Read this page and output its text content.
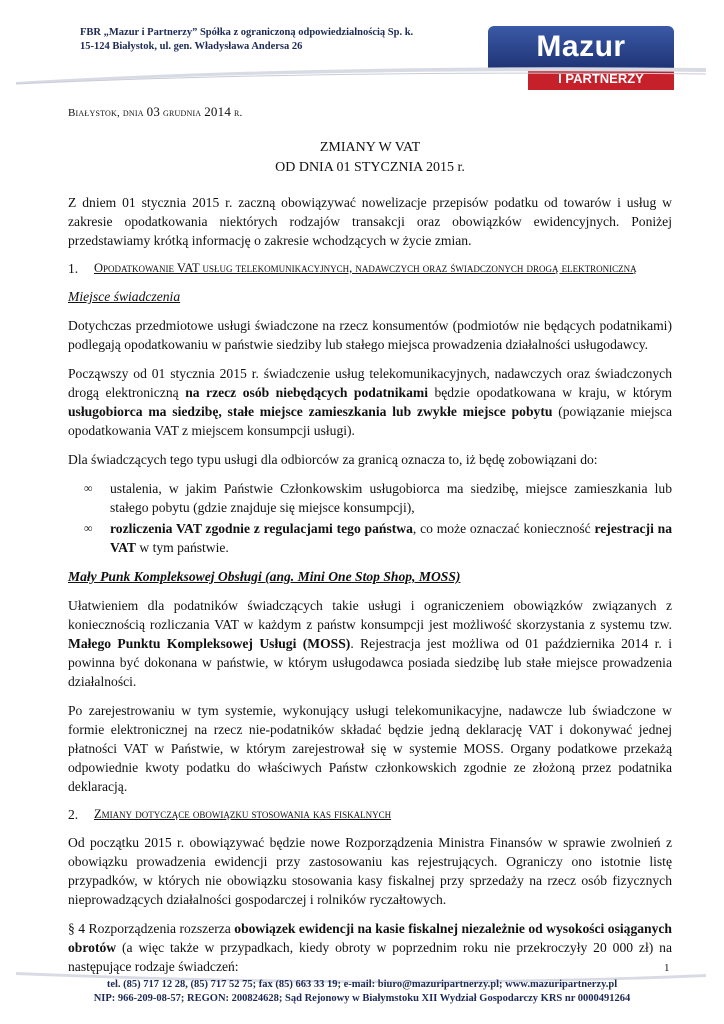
FBR „Mazur i Partnerzy” Spółka z ograniczoną odpowiedzialnością Sp. k.
15-124 Białystok, ul. gen. Władysława Andersa 26	Mazur
I PARTNERZY
Białystok, dnia 03 grudnia 2014 r.
ZMIANY W VAT
OD DNIA 01 STYCZNIA 2015 r.

Z dniem 01 stycznia 2015 r. zaczną obowiązywać nowelizacje przepisów podatku od towarów i usług w zakresie opodatkowania niektórych rodzajów transakcji oraz obowiązków ewidencyjnych. Poniżej przedstawiamy krótką informację o zakresie wchodzących w życie zmian.

1.	Opodatkowanie VAT usług telekomunikacyjnych, nadawczych oraz świadczonych drogą elektroniczną
Miejsce świadczenia

Dotychczas przedmiotowe usługi świadczone na rzecz konsumentów (podmiotów nie będących podatnikami) podlegają opodatkowaniu w państwie siedziby lub stałego miejsca prowadzenia działalności usługodawcy.

Począwszy od 01 stycznia 2015 r. świadczenie usług telekomunikacyjnych, nadawczych oraz świadczonych drogą elektroniczną na rzecz osób niebędących podatnikami będzie opodatkowana w kraju, w którym usługobiorca ma siedzibę, stałe miejsce zamieszkania lub zwykłe miejsce pobytu (powiązanie miejsca opodatkowania VAT z miejscem konsumpcji usługi).

Dla świadczących tego typu usługi dla odbiorców za granicą oznacza to, iż będę zobowiązani do:

∞ ustalenia, w jakim Państwie Członkowskim usługobiorca ma siedzibę, miejsce zamieszkania lub stałego pobytu (gdzie znajduje się miejsce konsumpcji),
∞ rozliczenia VAT zgodnie z regulacjami tego państwa, co może oznaczać konieczność rejestracji na VAT w tym państwie.
Mały Punk Kompleksowej Obsługi (ang. Mini One Stop Shop, MOSS)

Ułatwieniem dla podatników świadczących takie usługi i ograniczeniem obowiązków związanych z koniecznością rozliczania VAT w każdym z państw konsumpcji jest możliwość skorzystania z systemu tzw. Małego Punktu Kompleksowej Usługi (MOSS). Rejestracja jest możliwa od 01 października 2014 r. i powinna być dokonana w państwie, w którym usługodawca posiada siedzibę lub stałe miejsce prowadzenia działalności.

Po zarejestrowaniu w tym systemie, wykonujący usługi telekomunikacyjne, nadawcze lub świadczone w formie elektronicznej na rzecz nie-podatników składać będzie jedną deklarację VAT i dokonywać jednej płatności VAT w Państwie, w którym zarejestrował się w systemie MOSS. Organy podatkowe przekażą odpowiednie kwoty podatku do właściwych Państw członkowskich zgodnie ze złożoną przez podatnika deklaracją.

2.	Zmiany dotyczące obowiązku stosowania kas fiskalnych

Od początku 2015 r. obowiązywać będzie nowe Rozporządzenia Ministra Finansów w sprawie zwolnień z obowiązku prowadzenia ewidencji przy zastosowaniu kas rejestrujących. Ograniczy ono istotnie listę przypadków, w których nie obowiązku stosowania kasy fiskalnej przy sprzedaży na rzecz osób fizycznych nieprowadzących działalności gospodarczej i rolników ryczałtowych.

§ 4 Rozporządzenia rozszerza obowiązek ewidencji na kasie fiskalnej niezależnie od wysokości osiąganych obrotów (a więc także w przypadkach, kiedy obroty w poprzednim roku nie przekroczyły 20 000 zł) na następujące rodzaje świadczeń:	1
tel. (85) 717 12 28, (85) 717 52 75; fax (85) 663 33 19; e-mail: biuro@mazuripartnerzy.pl; www.mazuripartnerzy.pl
NIP: 966-209-08-57; REGON: 200824628; Sąd Rejonowy w Białymstoku XII Wydział Gospodarczy KRS nr 0000491264
